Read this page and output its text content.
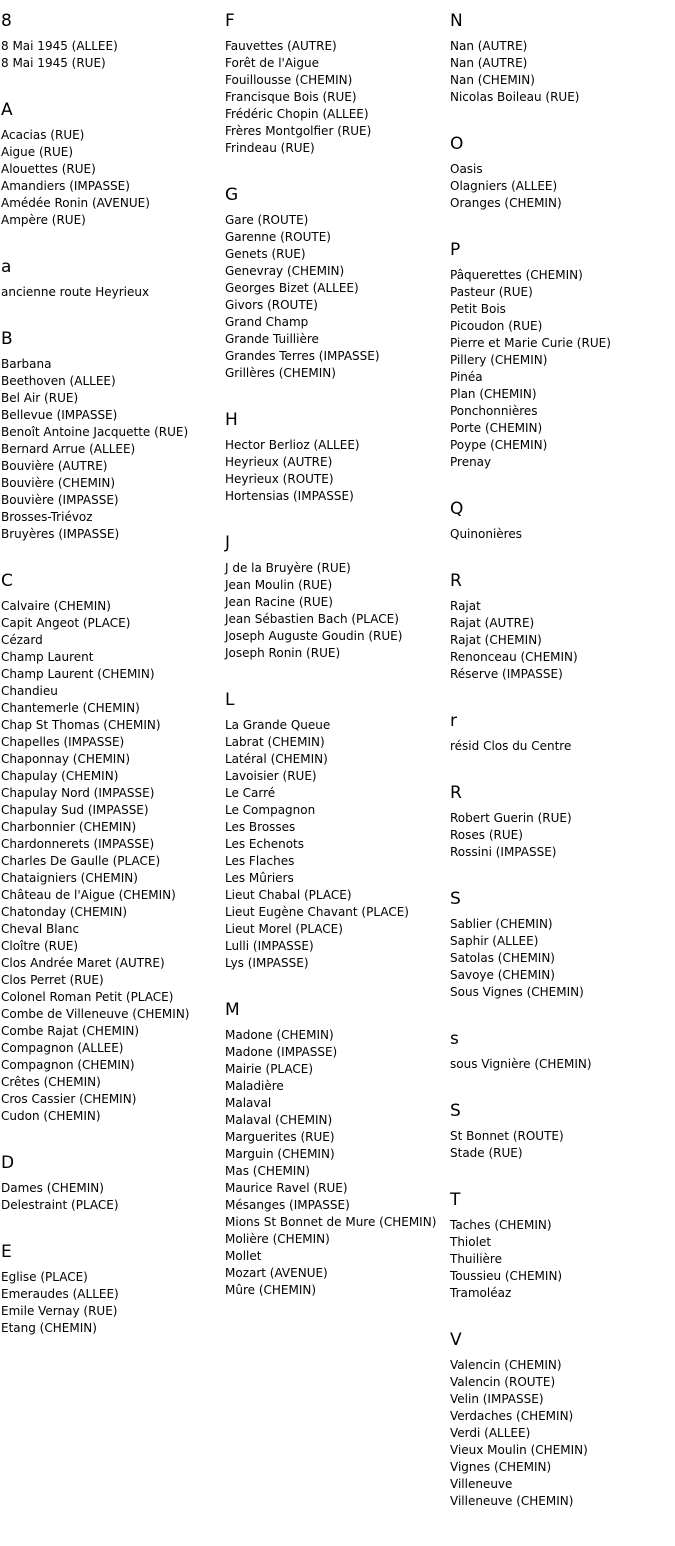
8
8 Mai 1945 (ALLEE)
8 Mai 1945 (RUE)
A
Acacias (RUE)
Aigue (RUE)
Alouettes (RUE)
Amandiers (IMPASSE)
Amédée Ronin (AVENUE)
Ampère (RUE)
a
ancienne route Heyrieux
B
Barbana
Beethoven (ALLEE)
Bel Air (RUE)
Bellevue (IMPASSE)
Benoît Antoine Jacquette (RUE)
Bernard Arrue (ALLEE)
Bouvière (AUTRE)
Bouvière (CHEMIN)
Bouvière (IMPASSE)
Brosses-Triévoz
Bruyères (IMPASSE)
C
Calvaire (CHEMIN)
Capit Angeot (PLACE)
Cézard
Champ Laurent
Champ Laurent (CHEMIN)
Chandieu
Chantemerle (CHEMIN)
Chap St Thomas (CHEMIN)
Chapelles (IMPASSE)
Chaponnay (CHEMIN)
Chapulay (CHEMIN)
Chapulay Nord (IMPASSE)
Chapulay Sud (IMPASSE)
Charbonnier (CHEMIN)
Chardonnerets (IMPASSE)
Charles De Gaulle (PLACE)
Chataigniers (CHEMIN)
Château de l'Aigue (CHEMIN)
Chatonday (CHEMIN)
Cheval Blanc
Cloître (RUE)
Clos Andrée Maret (AUTRE)
Clos Perret (RUE)
Colonel Roman Petit (PLACE)
Combe de Villeneuve (CHEMIN)
Combe Rajat (CHEMIN)
Compagnon (ALLEE)
Compagnon (CHEMIN)
Crêtes (CHEMIN)
Cros Cassier (CHEMIN)
Cudon (CHEMIN)
D
Dames (CHEMIN)
Delestraint (PLACE)
E
Eglise (PLACE)
Emeraudes (ALLEE)
Emile Vernay (RUE)
Etang (CHEMIN)
F
Fauvettes (AUTRE)
Forêt de l'Aigue
Fouillousse (CHEMIN)
Francisque Bois (RUE)
Frédéric Chopin (ALLEE)
Frères Montgolfier (RUE)
Frindeau (RUE)
G
Gare (ROUTE)
Garenne (ROUTE)
Genets (RUE)
Genevray (CHEMIN)
Georges Bizet (ALLEE)
Givors (ROUTE)
Grand Champ
Grande Tuillière
Grandes Terres (IMPASSE)
Grillères (CHEMIN)
H
Hector Berlioz (ALLEE)
Heyrieux (AUTRE)
Heyrieux (ROUTE)
Hortensias (IMPASSE)
J
J de la Bruyère (RUE)
Jean Moulin (RUE)
Jean Racine (RUE)
Jean Sébastien Bach (PLACE)
Joseph Auguste Goudin (RUE)
Joseph Ronin (RUE)
L
La Grande Queue
Labrat (CHEMIN)
Latéral (CHEMIN)
Lavoisier (RUE)
Le Carré
Le Compagnon
Les Brosses
Les Echenots
Les Flaches
Les Mûriers
Lieut Chabal (PLACE)
Lieut Eugène Chavant (PLACE)
Lieut Morel (PLACE)
Lulli (IMPASSE)
Lys (IMPASSE)
M
Madone (CHEMIN)
Madone (IMPASSE)
Mairie (PLACE)
Maladière
Malaval
Malaval (CHEMIN)
Marguerites (RUE)
Marguin (CHEMIN)
Mas (CHEMIN)
Maurice Ravel (RUE)
Mésanges (IMPASSE)
Mions St Bonnet de Mure (CHEMIN)
Molière (CHEMIN)
Mollet
Mozart (AVENUE)
Mûre (CHEMIN)
N
Nan (AUTRE)
Nan (AUTRE)
Nan (CHEMIN)
Nicolas Boileau (RUE)
O
Oasis
Olagniers (ALLEE)
Oranges (CHEMIN)
P
Pâquerettes (CHEMIN)
Pasteur (RUE)
Petit Bois
Picoudon (RUE)
Pierre et Marie Curie (RUE)
Pillery (CHEMIN)
Pinéa
Plan (CHEMIN)
Ponchonnières
Porte (CHEMIN)
Poype (CHEMIN)
Prenay
Q
Quinonières
R
Rajat
Rajat (AUTRE)
Rajat (CHEMIN)
Renonceau (CHEMIN)
Réserve (IMPASSE)
r
résid Clos du Centre
R
Robert Guerin (RUE)
Roses (RUE)
Rossini (IMPASSE)
S
Sablier (CHEMIN)
Saphir (ALLEE)
Satolas (CHEMIN)
Savoye (CHEMIN)
Sous Vignes (CHEMIN)
s
sous Vignière (CHEMIN)
S
St Bonnet (ROUTE)
Stade (RUE)
T
Taches (CHEMIN)
Thiolet
Thuilière
Toussieu (CHEMIN)
Tramoléaz
V
Valencin (CHEMIN)
Valencin (ROUTE)
Velin (IMPASSE)
Verdaches (CHEMIN)
Verdi (ALLEE)
Vieux Moulin (CHEMIN)
Vignes (CHEMIN)
Villeneuve
Villeneuve (CHEMIN)
